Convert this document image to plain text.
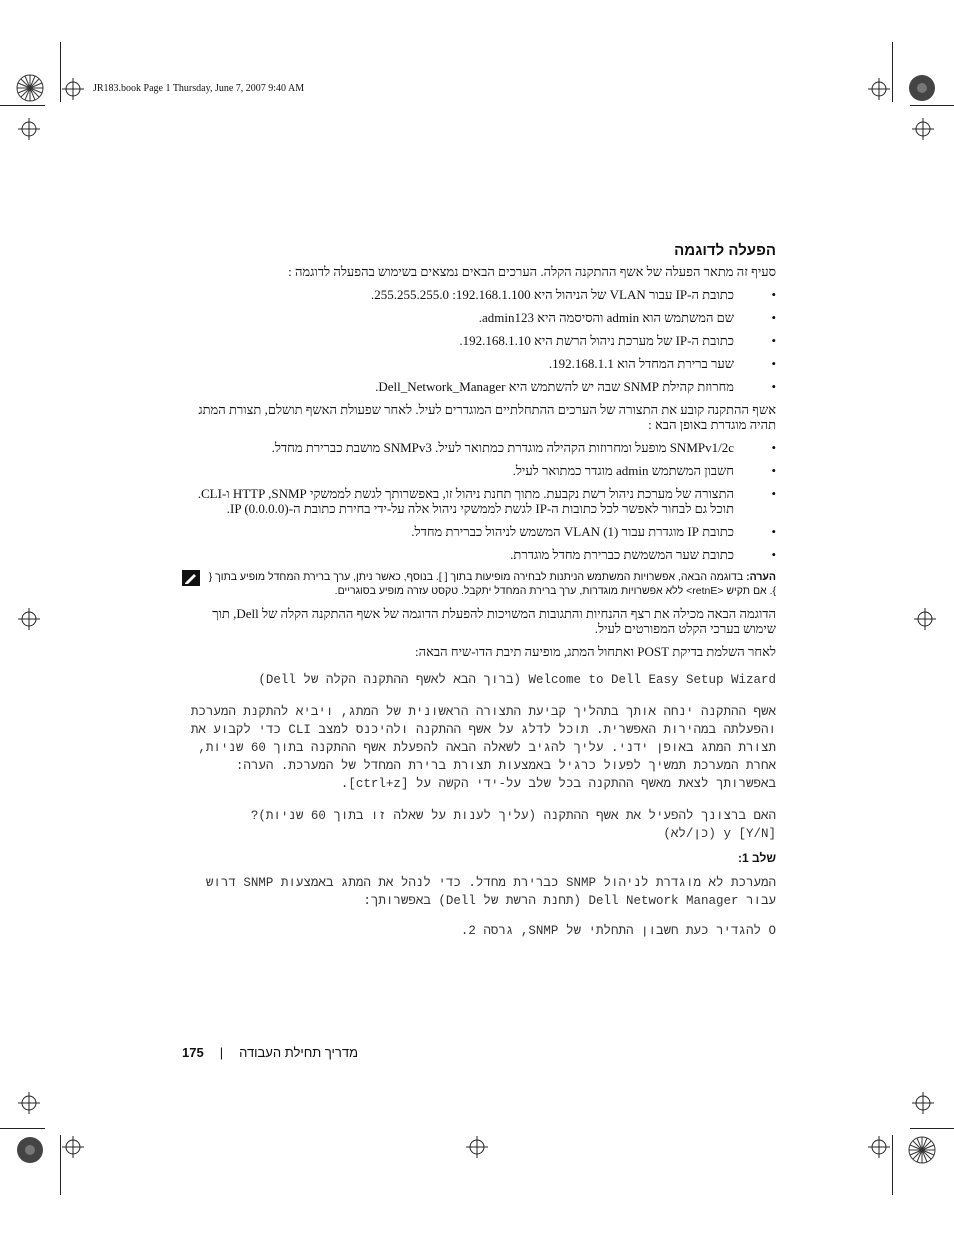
JR183.book Page 1 Thursday, June 7, 2007 9:40 AM
הפעלה לדוגמה

סעיף זה מתאר הפעלה של אשף ההתקנה הקלה. הערכים הבאים נמצאים בשימוש בהפעלה לדוגמה :

• כתובת ה-IP עבור VLAN של הניהול היא 192.168.1.100: 255.255.255.0.
• שם המשתמש הוא admin והסיסמה היא admin123.
• כתובת ה-IP של מערכת ניהול הרשת היא 192.168.1.10.
• שער ברירת המחדל הוא 192.168.1.1.
• מחרוזת קהילת SNMP שבה יש להשתמש היא Dell_Network_Manager.

אשף ההתקנה קובע את התצורה של הערכים ההתחלתיים המוגדרים לעיל. לאחר שפעולת האשף תושלם, תצורת המתג תהיה מוגדרת באופן הבא :

• SNMPv1/2c מופעל ומחרוזות הקהילה מוגדרת כמתואר לעיל. SNMPv3 מושבת כברירת מחדל.
• חשבון המשתמש admin מוגדר כמתואר לעיל.
• התצורה של מערכת ניהול רשת נקבעת. מתוך תחנת ניהול זו, באפשרותך לגשת לממשקי HTTP ,SNMP ו-CLI. תוכל גם לבחור לאפשר לכל כתובות ה-IP לגשת לממשקי ניהול אלה על-ידי בחירת כתובת ה-IP (0.0.0.0).
• כתובת IP מוגדרת עבור VLAN (1) המשמש לניהול כברירת מחדל.
• כתובת שער המשמשת כברירת מחדל מוגדרת.
הערה: בדוגמה הבאה, אפשרויות המשתמש הניתנות לבחירה מופיעות בתוך [ ]. בנוסף, כאשר ניתן, ערך ברירת המחדל מופיע בתוך { }. אם תקיש <retnE> ללא אפשרויות מוגדרות, ערך ברירת המחדל יתקבל. טקסט עזרה מופיע בסוגריים.

הדוגמה הבאה מכילה את רצף ההנחיות והתגובות המשויכות להפעלת הדוגמה של אשף ההתקנה הקלה של Dell, תוך שימוש בערכי הקלט המפורטים לעיל.

לאחר השלמת בדיקת POST ואתחול המתג, מופיעה תיבת הדו-שיח הבאה:

Welcome to Dell Easy Setup Wizard (ברוך הבא לאשף ההתקנה הקלה של Dell)
אשף ההתקנה ינחה אותך בתהליך קביעת התצורה הראשונית של המתג, ויביא להתקנת המערכת והפעלתה במהירות האפשרית. תוכל לדלג על אשף ההתקנה ולהיכנס למצב CLI כדי לקבוע את תצורת המתג באופן ידני. עליך להגיב לשאלה הבאה להפעלת אשף ההתקנה בתוך 60 שניות, אחרת המערכת תמשיך לפעול כרגיל באמצעות תצורת ברירת המחדל של המערכת. הערה: באפשרותך לצאת מאשף ההתקנה בכל שלב על-ידי הקשה על [ctrl+z].
האם ברצונך להפעיל את אשף ההתקנה (עליך לענות על שאלה זו בתוך 60 שניות)?
[Y/N] y (כן/לא)
שלב 1:
המערכת לא מוגדרת לניהול SNMP כברירת מחדל. כדי לנהל את המתג באמצעות SNMP דרוש עבור Dell Network Manager (תחנת הרשת של Dell) באפשרותך:
O להגדיר כעת חשבון התחלתי של SNMP, גרסה 2.
175 | מדריך תחילת העבודה
